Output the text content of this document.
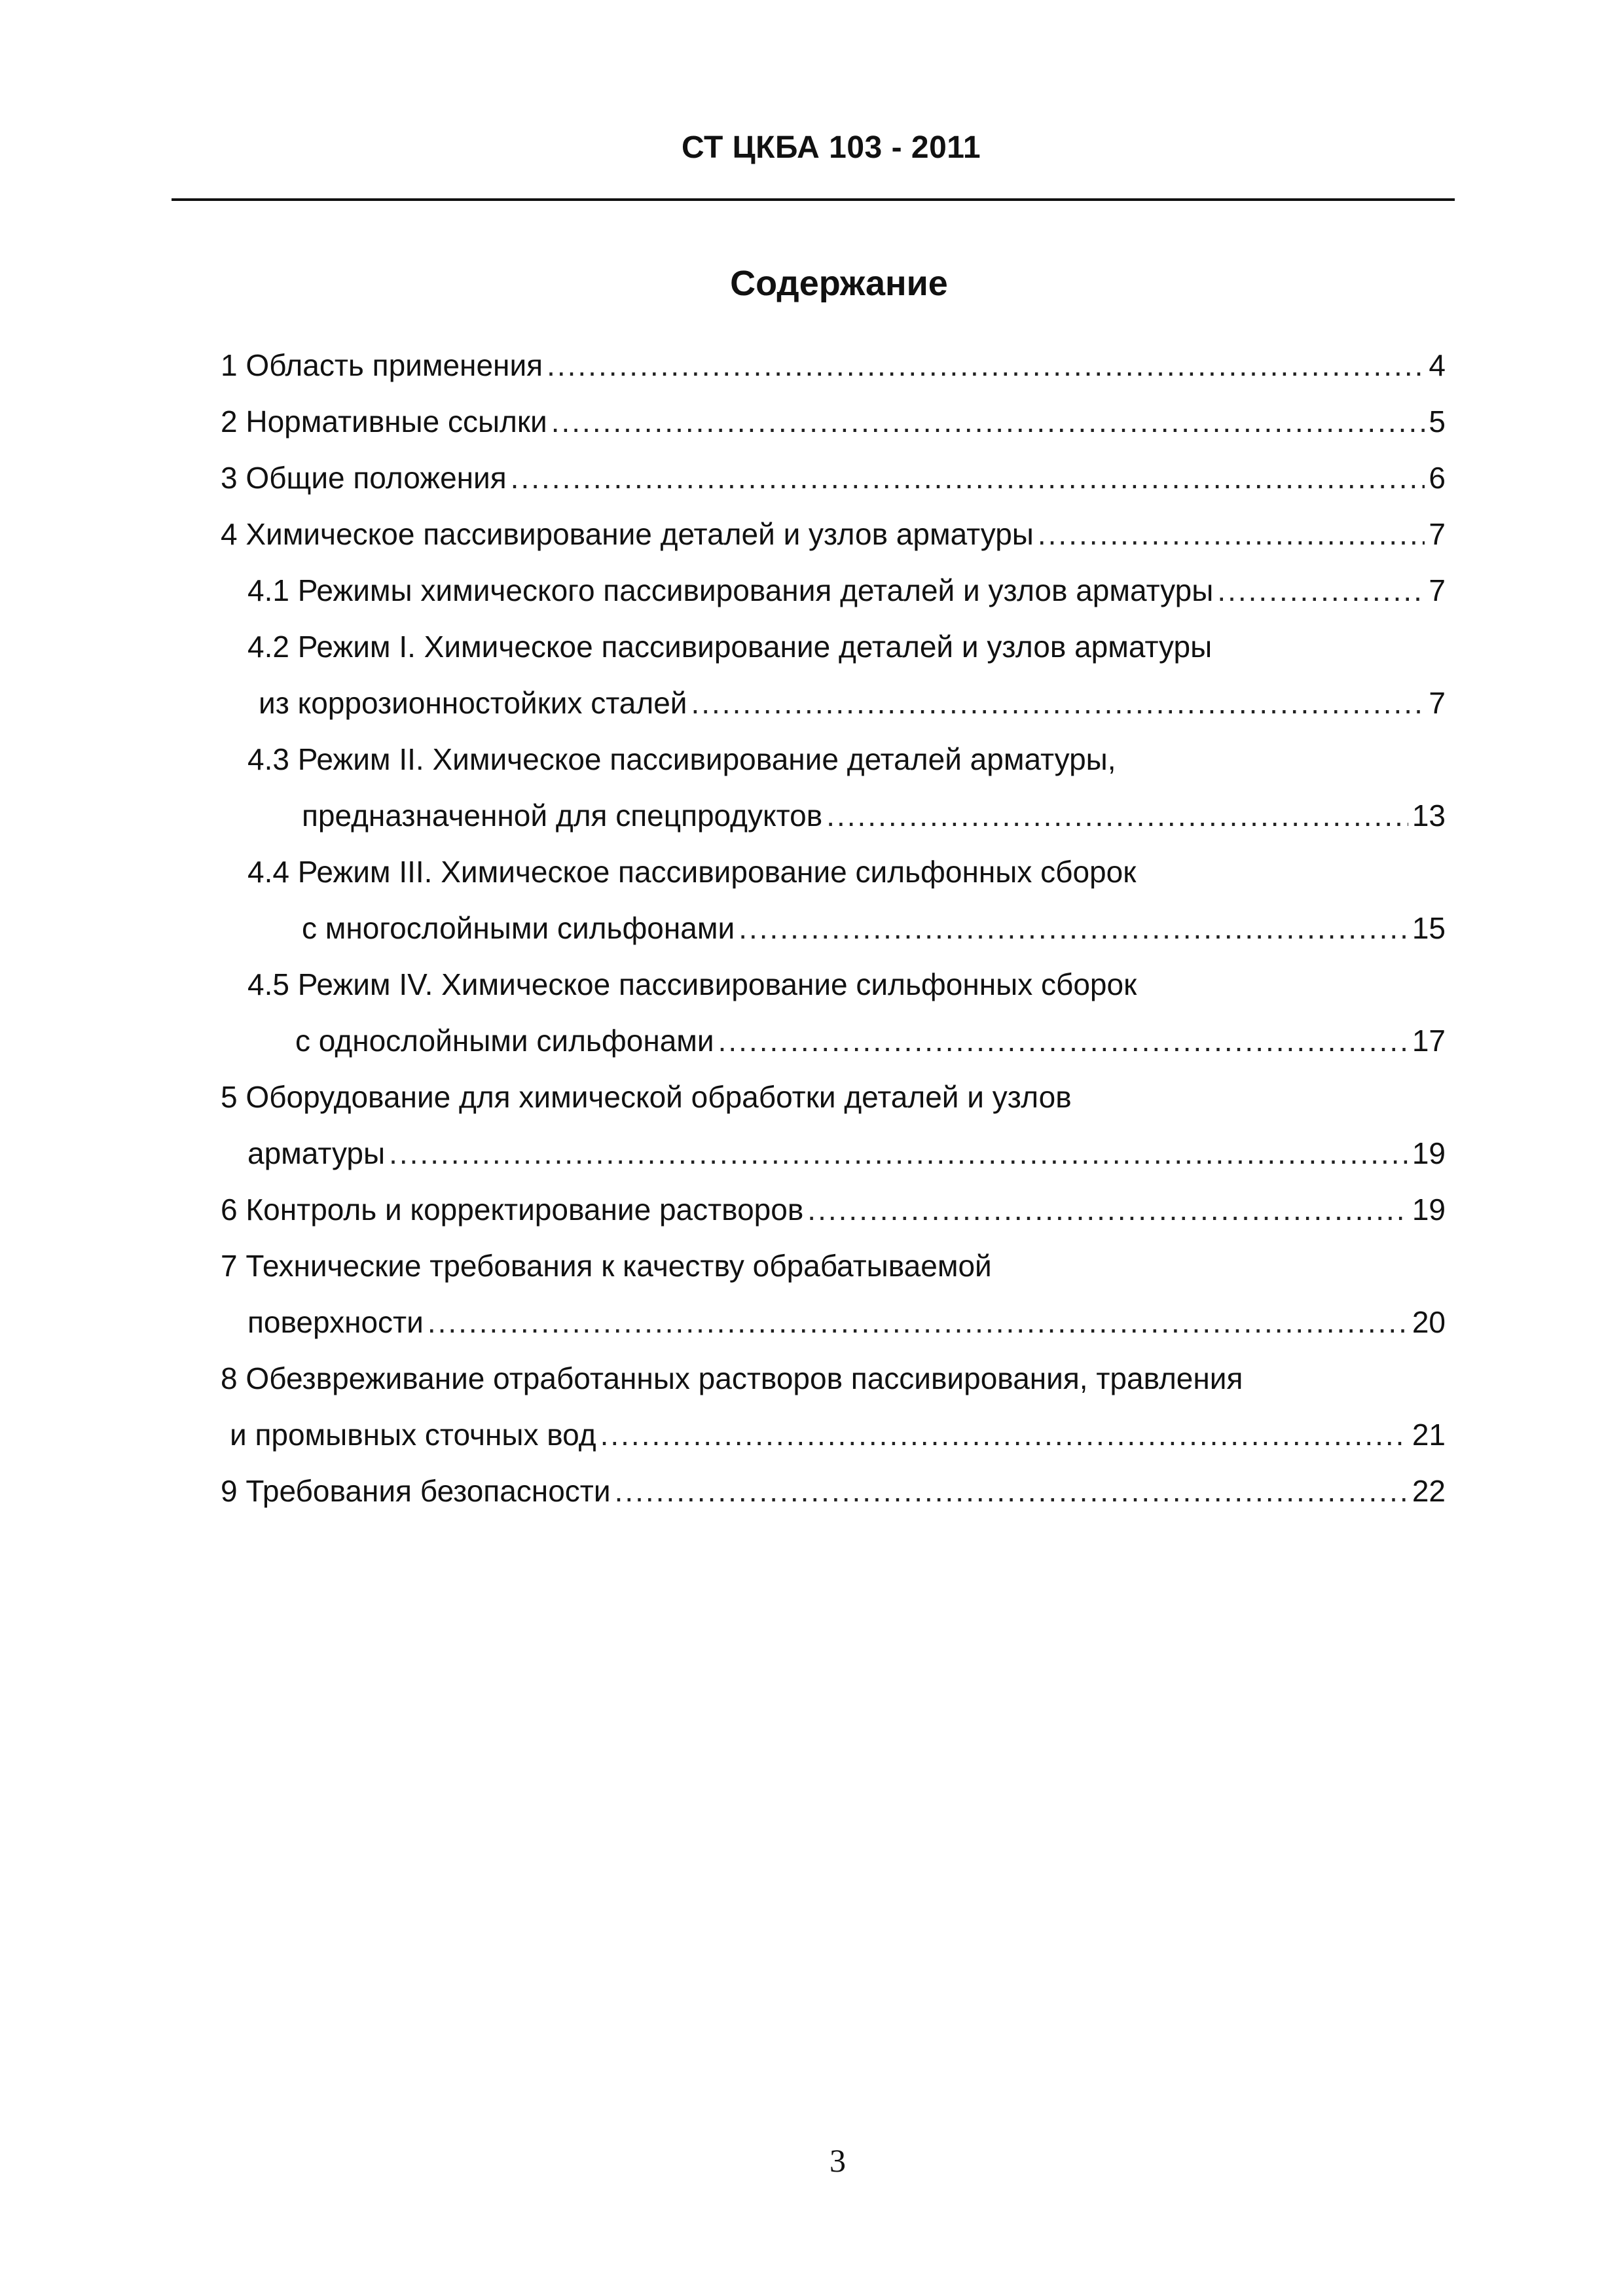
СТ ЦКБА 103 - 2011
Содержание
1 Область применения .....	4
2 Нормативные ссылки .....	5
3 Общие положения .....	6
4 Химическое пассивирование деталей и узлов арматуры .....	7
4.1 Режимы химического пассивирования деталей и узлов арматуры .....	7
4.2 Режим I. Химическое пассивирование деталей и узлов арматуры
из коррозионностойких сталей .....	7
4.3 Режим II. Химическое пассивирование деталей арматуры,
предназначенной для спецпродуктов .....	13
4.4 Режим III. Химическое пассивирование сильфонных сборок
с многослойными сильфонами .....	15
4.5 Режим IV. Химическое пассивирование сильфонных сборок
с однослойными сильфонами .....	17
5 Оборудование для химической обработки деталей и узлов
арматуры .....	19
6 Контроль и корректирование растворов .....	19
7 Технические требования к качеству обрабатываемой
поверхности .....	20
8 Обезвреживание отработанных растворов пассивирования, травления
и промывных сточных вод .....	21
9 Требования безопасности .....	22
3
